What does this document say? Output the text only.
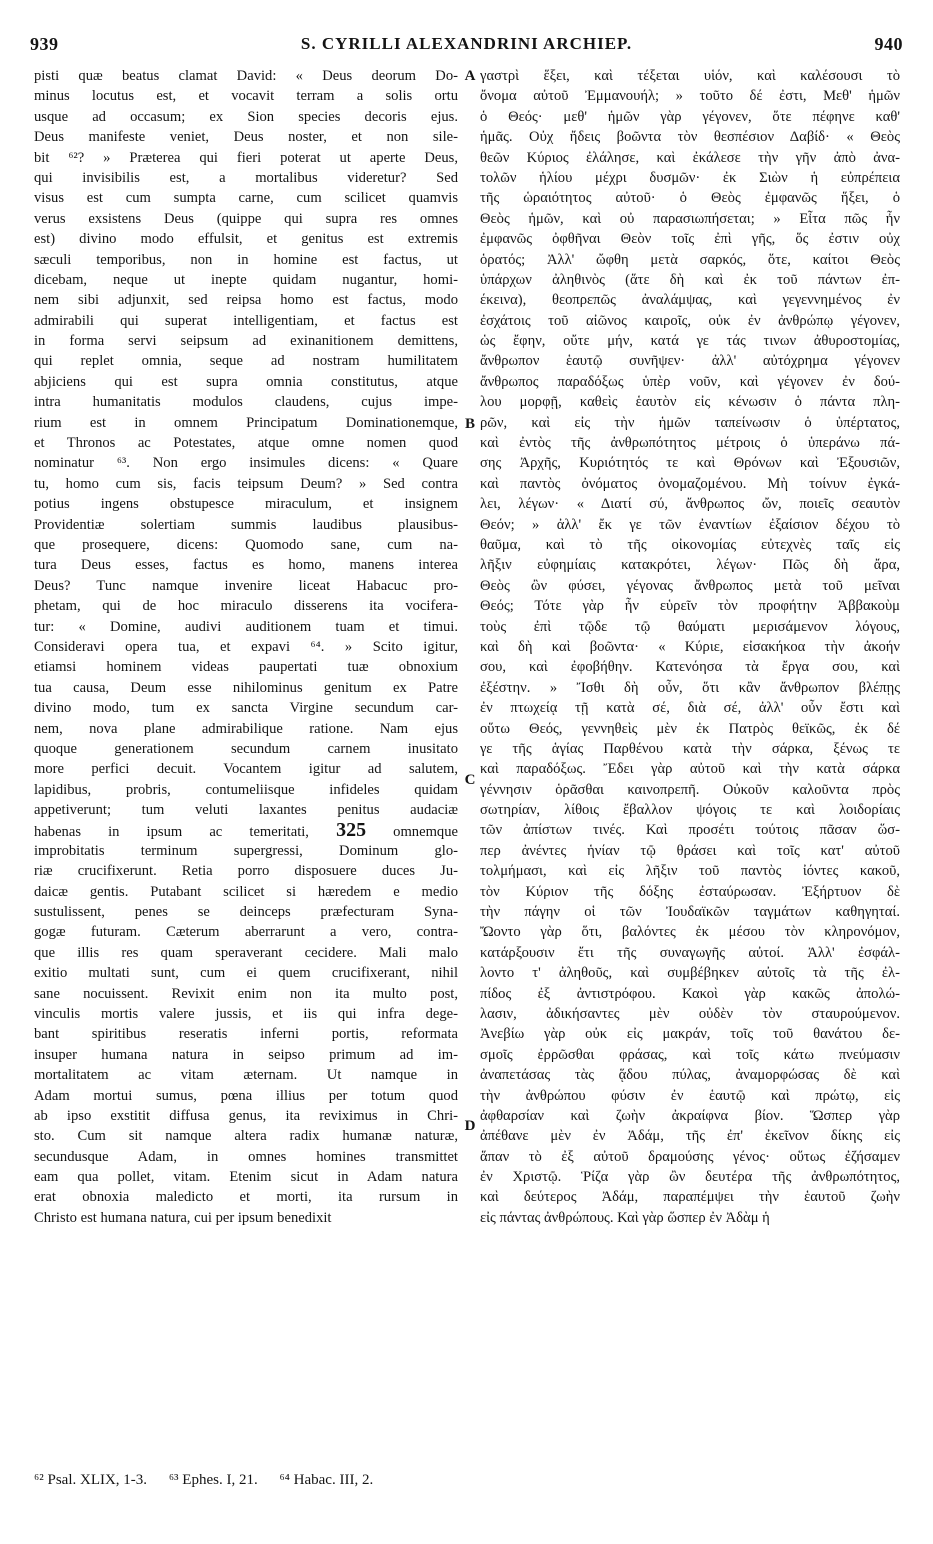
939	S. CYRILLI ALEXANDRINI ARCHIEP.	940
pisti quæ beatus clamat David: « Deus deorum Do-
minus locutus est, et vocavit terram a solis ortu
usque ad occasum; ex Sion species decoris ejus.
Deus manifeste veniet, Deus noster, et non sile-
bit ⁶²? » Præterea qui fieri poterat ut aperte Deus,
qui invisibilis est, a mortalibus videretur? Sed
visus est cum sumpta carne, cum scilicet quamvis
verus exsistens Deus (quippe qui supra res omnes
est) divino modo effulsit, et genitus est extremis
sæculi temporibus, non in homine est factus, ut
dicebam, neque ut inepte quidam nugantur, homi-
nem sibi adjunxit, sed reipsa homo est factus, modo
admirabili qui superat intelligentiam, et factus est
in forma servi seipsum ad exinanitionem demittens,
qui replet omnia, seque ad nostram humilitatem
abjiciens qui est supra omnia constitutus, atque
intra humanitatis modulos claudens, cujus impe-
rium est in omnem Principatum Dominationemque,
et Thronos ac Potestates, atque omne nomen quod
nominatur ⁶³. Non ergo insimules dicens: « Quare
tu, homo cum sis, facis teipsum Deum? » Sed contra
potius ingens obstupesce miraculum, et insignem
Providentiæ solertiam summis laudibus plausibus-
que prosequere, dicens: Quomodo sane, cum na-
tura Deus esses, factus es homo, manens interea
Deus? Tunc namque invenire liceat Habacuc pro-
phetam, qui de hoc miraculo disserens ita vocifera-
tur: « Domine, audivi auditionem tuam et timui.
Consideravi opera tua, et expavi ⁶⁴. » Scito igitur,
etiamsi hominem videas paupertati tuæ obnoxium
tua causa, Deum esse nihilominus genitum ex Patre
divino modo, tum ex sancta Virgine secundum car-
nem, nova plane admirabilique ratione. Nam ejus
quoque generationem secundum carnem inusitato
more perfici decuit. Vocantem igitur ad salutem,
lapidibus, probris, contumeliisque infideles quidam
appetiverunt; tum veluti laxantes penitus audaciæ
habenas in ipsum ac temeritati, 325 omnemque
improbitatis terminum supergressi, Dominum glo-
riæ crucifixerunt. Retia porro disposuere duces Ju-
daicæ gentis. Putabant scilicet si hæredem e medio
sustulissent, penes se deinceps præfecturam Syna-
gogæ futuram. Cæterum aberrarunt a vero, contra-
que illis res quam speraverant cecidere. Mali malo
exitio multati sunt, cum ei quem crucifixerant, nihil
sane nocuissent. Revixit enim non ita multo post,
vinculis mortis valere jussis, et iis qui infra dege-
bant spiritibus reseratis inferni portis, reformata
insuper humana natura in seipso primum ad im-
mortalitatem ac vitam æternam. Ut namque in
Adam mortui sumus, pœna illius per totum quod
ab ipso exstitit diffusa genus, ita reviximus in Chri-
sto. Cum sit namque altera radix humanæ naturæ,
secundusque Adam, in omnes homines transmittet
eam qua pollet, vitam. Etenim sicut in Adam natura
erat obnoxia maledicto et morti, ita rursum in
Christo est humana natura, cui per ipsum benedixit
A
B
C
D
γαστρὶ ἕξει, καὶ τέξεται υἱόν, καὶ καλέσουσι τὸ
ὄνομα αὐτοῦ Ἐμμανουήλ; » τοῦτο δέ ἐστι, Μεθ' ἡμῶν
ὁ Θεός· μεθ' ἡμῶν γὰρ γέγονεν, ὅτε πέφηνε καθ'
ἡμᾶς. Οὐχ ἤδεις βοῶντα τὸν θεσπέσιον Δαβίδ· « Θεὸς
θεῶν Κύριος ἐλάλησε, καὶ ἐκάλεσε τὴν γῆν ἀπὸ ἀνα-
τολῶν ἡλίου μέχρι δυσμῶν· ἐκ Σιὼν ἡ εὐπρέπεια
τῆς ὡραιότητος αὐτοῦ· ὁ Θεὸς ἐμφανῶς ἥξει, ὁ
Θεὸς ἡμῶν, καὶ οὐ παρασιωπήσεται; » Εἶτα πῶς ἦν
ἐμφανῶς ὀφθῆναι Θεὸν τοῖς ἐπὶ γῆς, ὅς ἐστιν οὐχ
ὁρατός; Ἀλλ' ὤφθη μετὰ σαρκός, ὅτε, καίτοι Θεὸς
ὑπάρχων ἀληθινὸς (ἅτε δὴ καὶ ἐκ τοῦ πάντων ἐπ-
έκεινα), θεοπρεπῶς ἀναλάμψας, καὶ γεγεννημένος ἐν
ἐσχάτοις τοῦ αἰῶνος καιροῖς, οὐκ ἐν ἀνθρώπῳ γέγονεν,
ὡς ἔφην, οὔτε μήν, κατά γε τάς τινων ἀθυροστομίας,
ἄνθρωπον ἑαυτῷ συνῆψεν· ἀλλ' αὐτόχρημα γέγονεν
ἄνθρωπος παραδόξως ὑπὲρ νοῦν, καὶ γέγονεν ἐν δού-
λου μορφῇ, καθεὶς ἑαυτὸν εἰς κένωσιν ὁ πάντα πλη-
ρῶν, καὶ εἰς τὴν ἡμῶν ταπείνωσιν ὁ ὑπέρτατος,
καὶ ἐντὸς τῆς ἀνθρωπότητος μέτροις ὁ ὑπεράνω πά-
σης Ἀρχῆς, Κυριότητός τε καὶ Θρόνων καὶ Ἐξουσιῶν,
καὶ παντὸς ὀνόματος ὀνομαζομένου. Μὴ τοίνυν ἐγκά-
λει, λέγων· « Διατί σύ, ἄνθρωπος ὤν, ποιεῖς σεαυτὸν
Θεόν; » ἀλλ' ἔκ γε τῶν ἐναντίων ἐξαίσιον δέχου τὸ
θαῦμα, καὶ τὸ τῆς οἰκονομίας εὐτεχνὲς ταῖς εἰς
λῆξιν εὐφημίαις κατακρότει, λέγων· Πῶς δὴ ἄρα,
Θεὸς ὢν φύσει, γέγονας ἄνθρωπος μετὰ τοῦ μεῖναι
Θεός; Τότε γὰρ ἦν εὑρεῖν τὸν προφήτην Ἀββακοὺμ
τοὺς ἐπὶ τῷδε τῷ θαύματι μερισάμενον λόγους,
καὶ δὴ καὶ βοῶντα· « Κύριε, εἰσακήκοα τὴν ἀκοήν
σου, καὶ ἐφοβήθην. Κατενόησα τὰ ἔργα σου, καὶ
ἐξέστην. » Ἴσθι δὴ οὖν, ὅτι κἂν ἄνθρωπον βλέπῃς
ἐν πτωχείᾳ τῇ κατὰ σέ, διὰ σέ, ἀλλ' οὖν ἔστι καὶ
οὕτω Θεός, γεννηθεὶς μὲν ἐκ Πατρὸς θεϊκῶς, ἐκ δέ
γε τῆς ἁγίας Παρθένου κατὰ τὴν σάρκα, ξένως τε
καὶ παραδόξως. Ἔδει γὰρ αὐτοῦ καὶ τὴν κατὰ σάρκα
γέννησιν ὁρᾶσθαι καινοπρεπῆ. Οὐκοῦν καλοῦντα πρὸς
σωτηρίαν, λίθοις ἔβαλλον ψόγοις τε καὶ λοιδορίαις
τῶν ἀπίστων τινές. Καὶ προσέτι τούτοις πᾶσαν ὥσ-
περ ἀνέντες ἡνίαν τῷ θράσει καὶ τοῖς κατ' αὐτοῦ
τολμήμασι, καὶ εἰς λῆξιν τοῦ παντὸς ἰόντες κακοῦ,
τὸν Κύριον τῆς δόξης ἐσταύρωσαν. Ἐξήρτυον δὲ
τὴν πάγην οἱ τῶν Ἰουδαϊκῶν ταγμάτων καθηγηταί.
Ὤοντο γὰρ ὅτι, βαλόντες ἐκ μέσου τὸν κληρονόμον,
κατάρξουσιν ἔτι τῆς συναγωγῆς αὐτοί. Ἀλλ' ἐσφάλ-
λοντο τ' ἀληθοῦς, καὶ συμβέβηκεν αὐτοῖς τὰ τῆς ἐλ-
πίδος ἐξ ἀντιστρόφου. Κακοὶ γὰρ κακῶς ἀπολώ-
λασιν, ἀδικήσαντες μὲν οὐδὲν τὸν σταυρούμενον.
Ἀνεβίω γὰρ οὐκ εἰς μακράν, τοῖς τοῦ θανάτου δε-
σμοῖς ἐρρῶσθαι φράσας, καὶ τοῖς κάτω πνεύμασιν
ἀναπετάσας τὰς ᾅδου πύλας, ἀναμορφώσας δὲ καὶ
τὴν ἀνθρώπου φύσιν ἐν ἑαυτῷ καὶ πρώτῳ, εἰς
ἀφθαρσίαν καὶ ζωὴν ἀκραίφνα βίον. Ὥσπερ γὰρ
ἀπέθανε μὲν ἐν Ἀδάμ, τῆς ἐπ' ἐκεῖνον δίκης εἰς
ἅπαν τὸ ἐξ αὐτοῦ δραμούσης γένος· οὕτως ἐζήσαμεν
ἐν Χριστῷ. Ῥίζα γὰρ ὢν δευτέρα τῆς ἀνθρωπότητος,
καὶ δεύτερος Ἀδάμ, παραπέμψει τὴν ἑαυτοῦ ζωὴν
εἰς πάντας ἀνθρώπους. Καὶ γὰρ ὥσπερ ἐν Ἀδὰμ ἡ
⁶² Psal. XLIX, 1-3. ⁶³ Ephes. I, 21. ⁶⁴ Habac. III, 2.
